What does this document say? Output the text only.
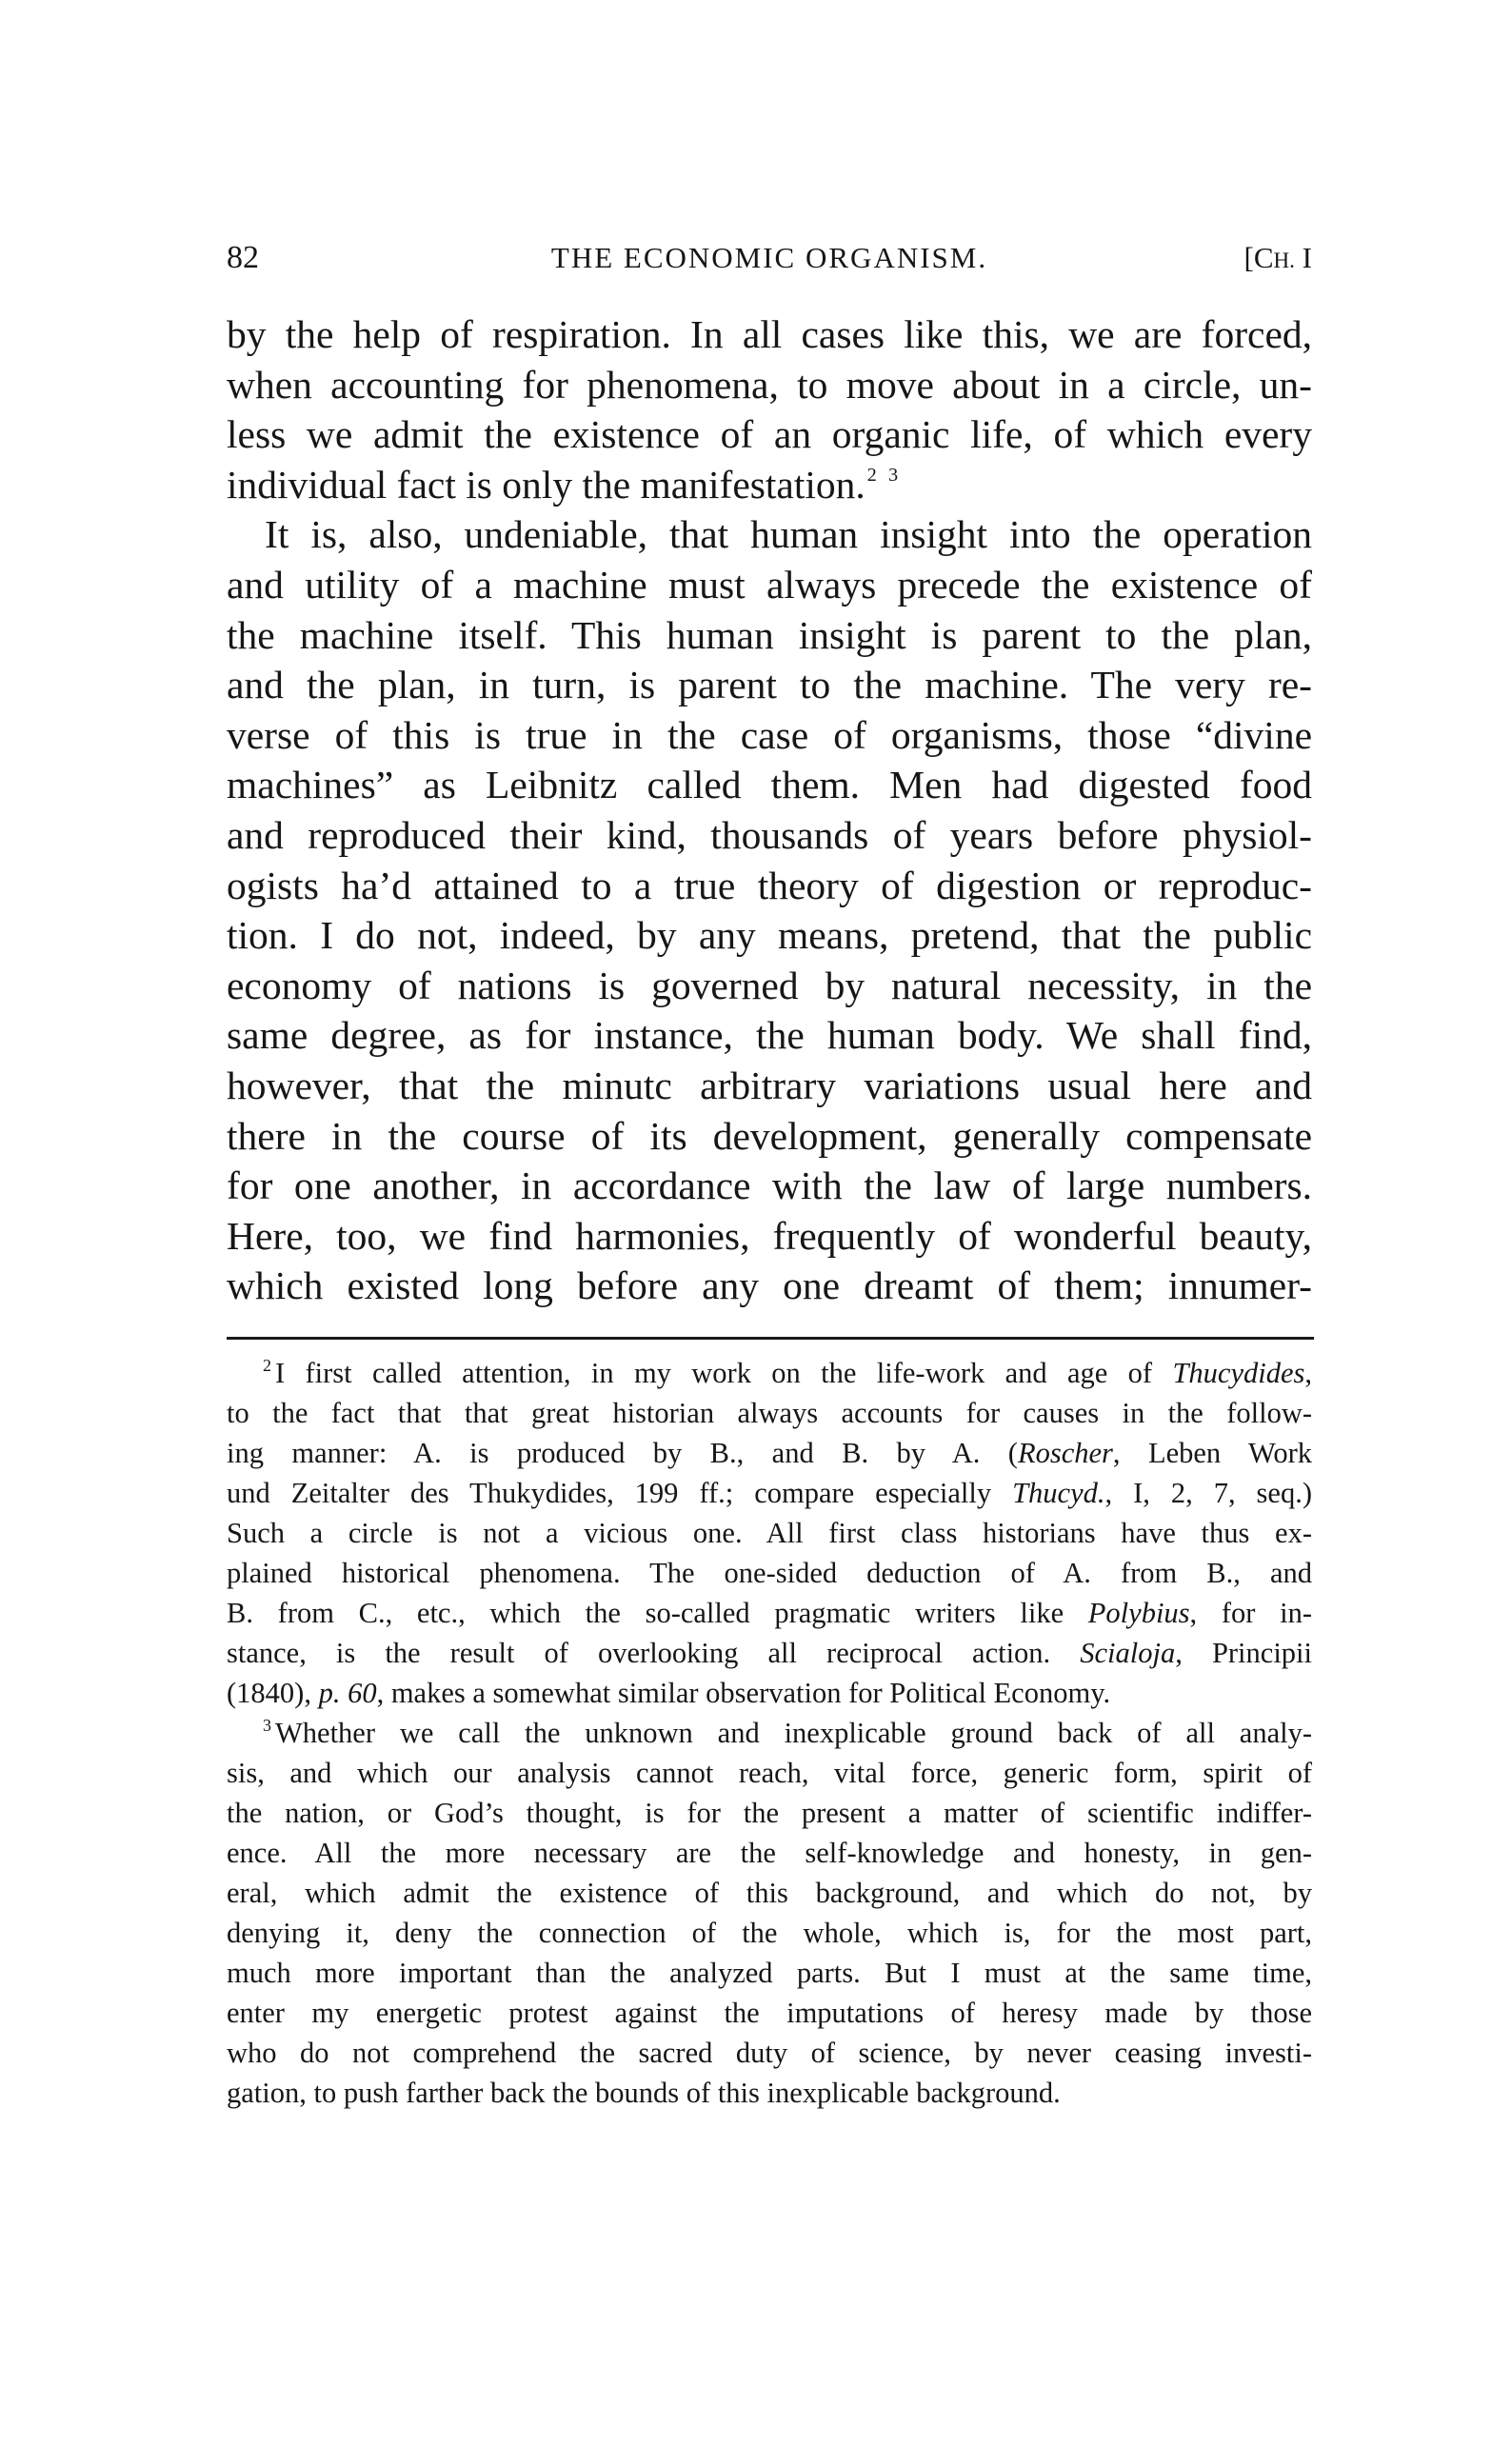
82	THE ECONOMIC ORGANISM.	[CH. I
by the help of respiration. In all cases like this, we are forced,
when accounting for phenomena, to move about in a circle, un-
less we admit the existence of an organic life, of which every
individual fact is only the manifestation. $^2$ $^3$
It is, also, undeniable, that human insight into the operation
and utility of a machine must always precede the existence of
the machine itself. This human insight is parent to the plan,
and the plan, in turn, is parent to the machine. The very re-
verse of this is true in the case of organisms, those “divine
machines” as Leibnitz called them. Men had digested food
and reproduced their kind, thousands of years before physiol-
ogists ha’d attained to a true theory of digestion or reproduc-
tion. I do not, indeed, by any means, pretend, that the public
economy of nations is governed by natural necessity, in the
same degree, as for instance, the human body. We shall find,
however, that the minutc arbitrary variations usual here and
there in the course of its development, generally compensate
for one another, in accordance with the law of large numbers.
Here, too, we find harmonies, frequently of wonderful beauty,
which existed long before any one dreamt of them; innumer-
$^2$ I first called attention, in my work on the life-work and age of Thucydides,
to the fact that that great historian always accounts for causes in the follow-
ing manner: A. is produced by B., and B. by A. (Roscher, Leben Work
und Zeitalter des Thukydides, 199 ff.; compare especially Thucyd., I, 2, 7, seq.)
Such a circle is not a vicious one. All first class historians have thus ex-
plained historical phenomena. The one-sided deduction of A. from B., and
B. from C., etc., which the so-called pragmatic writers like Polybius, for in-
stance, is the result of overlooking all reciprocal action. Scialoja, Principii
(1840), p. 60, makes a somewhat similar observation for Political Economy.
$^3$ Whether we call the unknown and inexplicable ground back of all analy-
sis, and which our analysis cannot reach, vital force, generic form, spirit of
the nation, or God’s thought, is for the present a matter of scientific indiffer-
ence. All the more necessary are the self-knowledge and honesty, in gen-
eral, which admit the existence of this background, and which do not, by
denying it, deny the connection of the whole, which is, for the most part,
much more important than the analyzed parts. But I must at the same time,
enter my energetic protest against the imputations of heresy made by those
who do not comprehend the sacred duty of science, by never ceasing investi-
gation, to push farther back the bounds of this inexplicable background.
